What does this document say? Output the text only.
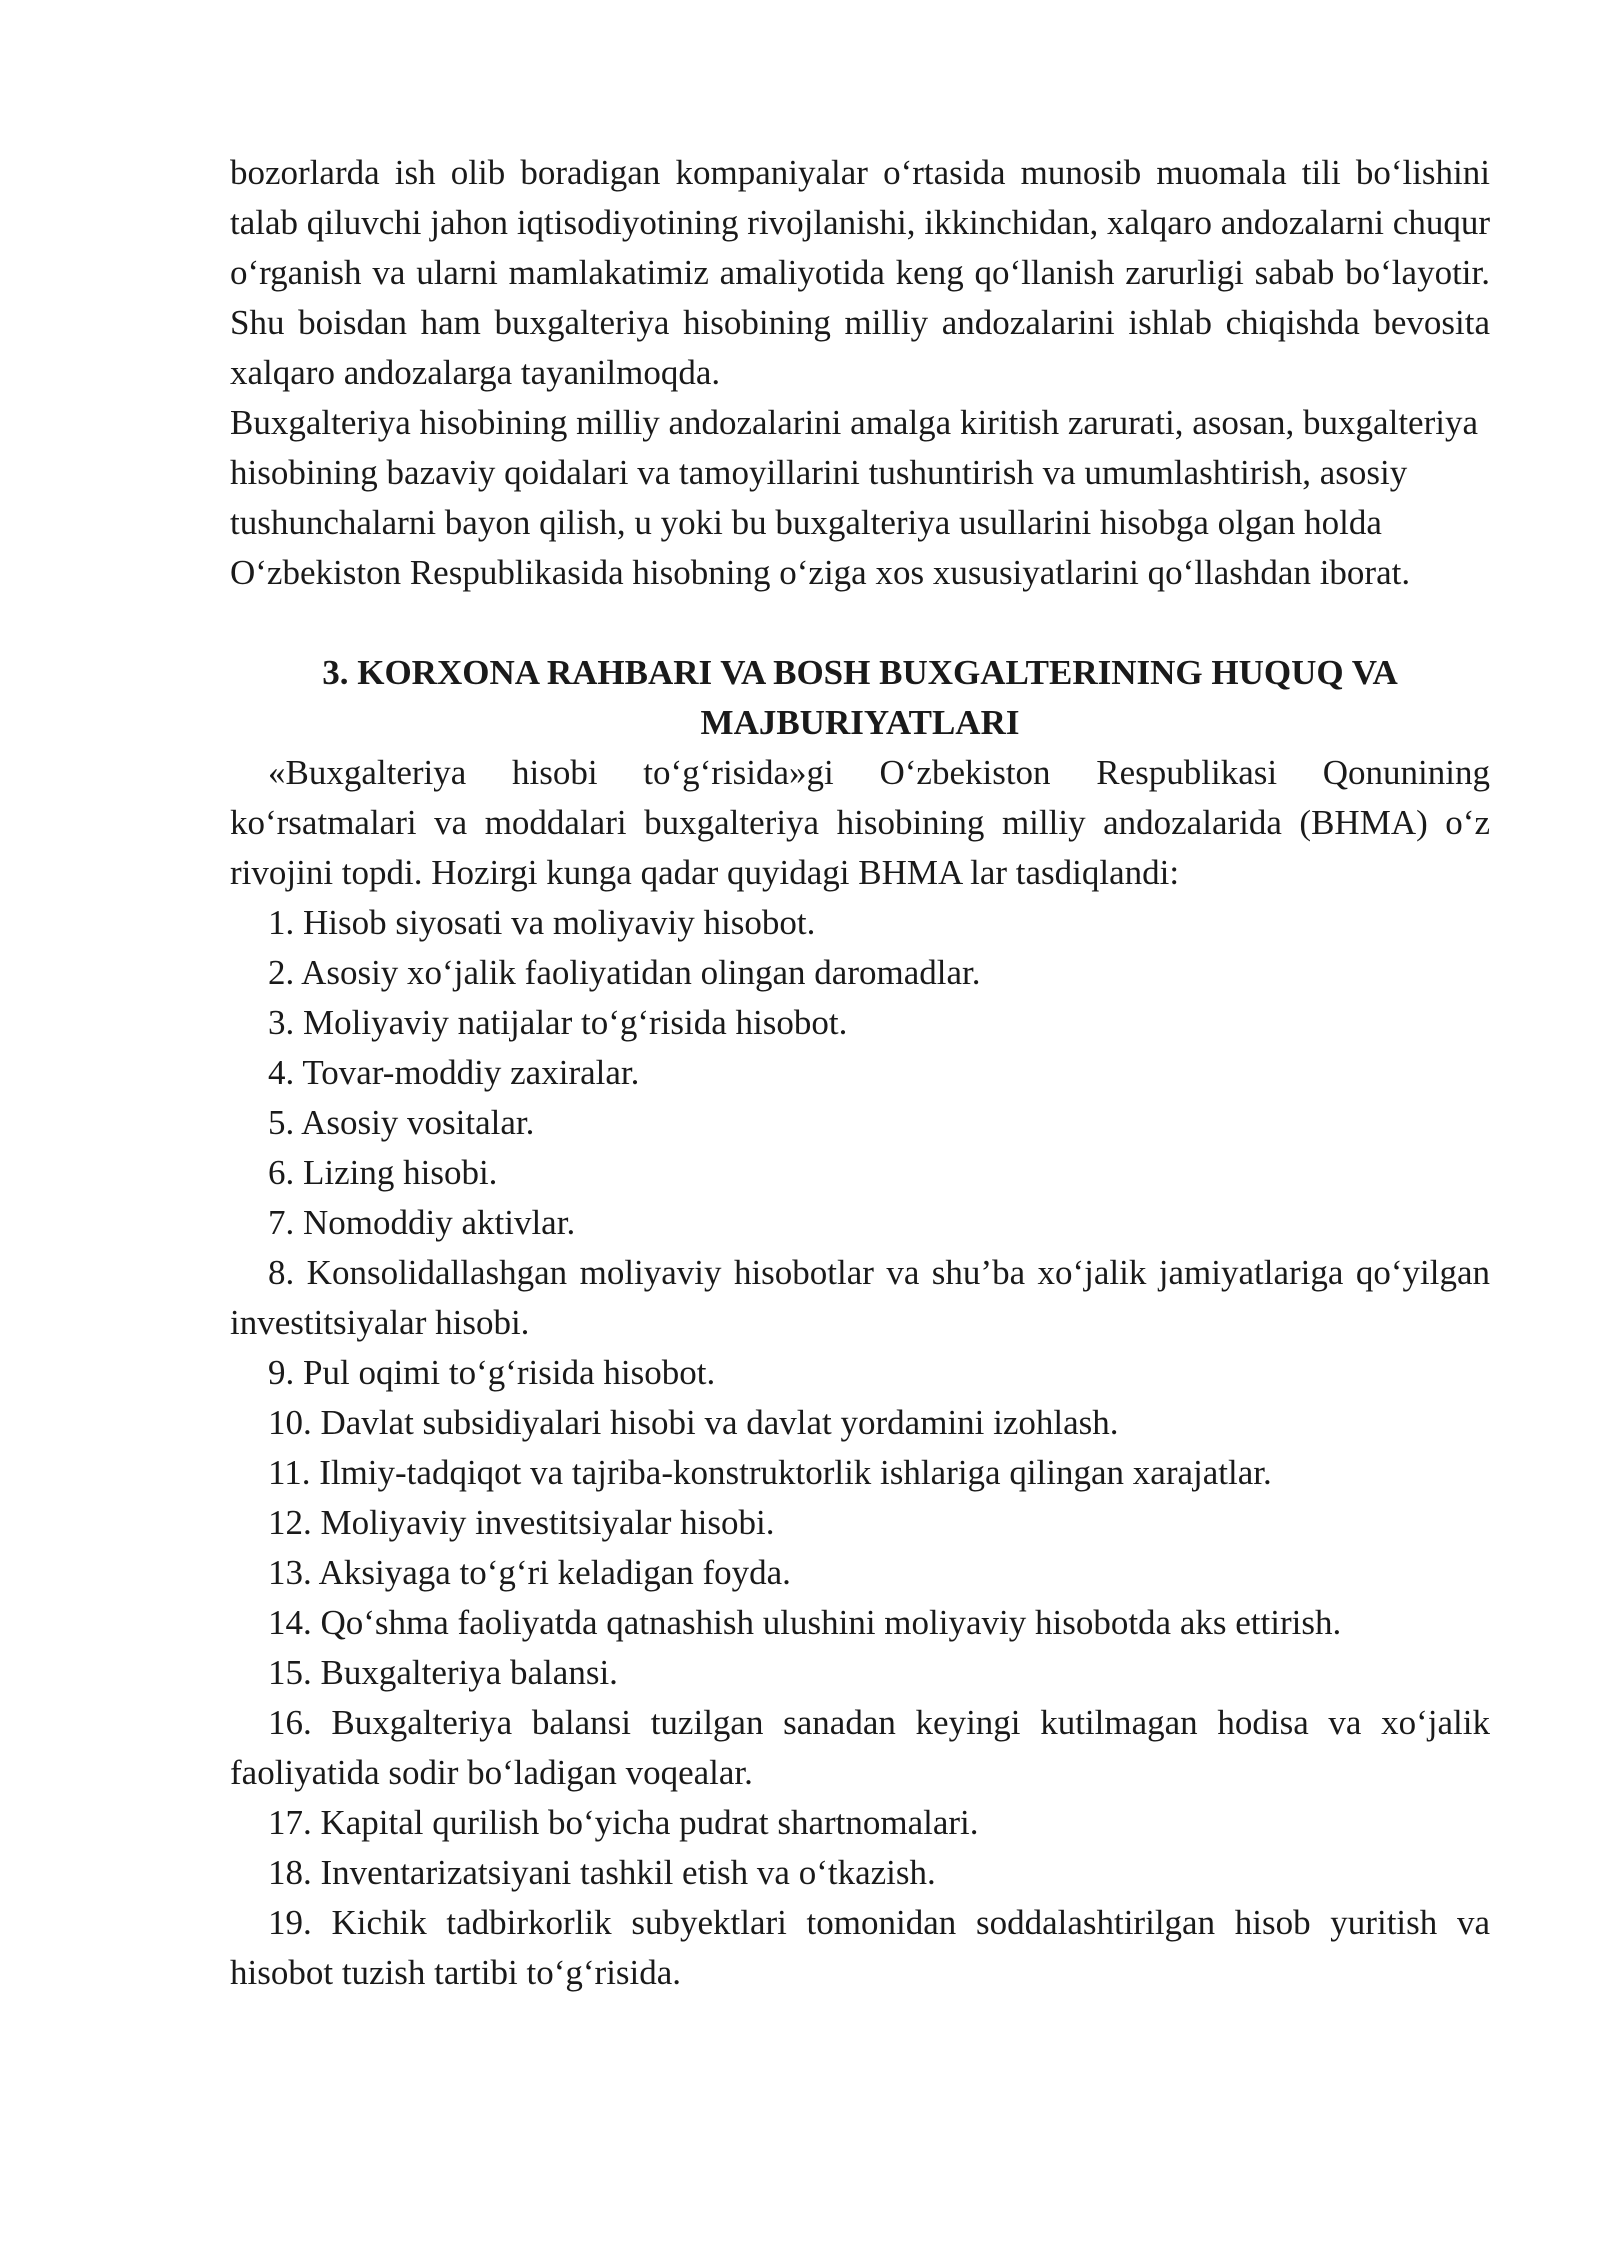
bozorlarda ish olib boradigan kompaniyalar o‘rtasida munosib muomala tili bo‘lishini talab qiluvchi jahon iqtisodiyotining rivojlanishi, ikkinchidan, xalqaro andozalarni chuqur o‘rganish va ularni mamlakatimiz amaliyotida keng qo‘llanish zarurligi sabab bo‘layotir. Shu boisdan ham buxgalteriya hisobining milliy andozalarini ishlab chiqishda bevosita xalqaro andozalarga tayanilmoqda.

Buxgalteriya hisobining milliy andozalarini amalga kiritish zarurati, asosan, buxgalteriya hisobining bazaviy qoidalari va tamoyillarini tushuntirish va umumlashtirish, asosiy tushunchalarni bayon qilish, u yoki bu buxgalteriya usullarini hisobga olgan holda O‘zbekiston Respublikasida hisobning o‘ziga xos xususiyatlarini qo‘llashdan iborat.

3. KORXONA RAHBARI VA BOSH BUXGALTERINING HUQUQ VA
MAJBURIYATLARI

«Buxgalteriya hisobi to‘g‘risida»gi O‘zbekiston Respublikasi Qonunining ko‘rsatmalari va moddalari buxgalteriya hisobining milliy andozalarida (BHMA) o‘z rivojini topdi. Hozirgi kunga qadar quyidagi BHMA lar tasdiqlandi:

1. Hisob siyosati va moliyaviy hisobot.
2. Asosiy xo‘jalik faoliyatidan olingan daromadlar.
3. Moliyaviy natijalar to‘g‘risida hisobot.
4. Tovar-moddiy zaxiralar.
5. Asosiy vositalar.
6. Lizing hisobi.
7. Nomoddiy aktivlar.
8. Konsolidallashgan moliyaviy hisobotlar va shu’ba xo‘jalik jamiyatlariga qo‘yilgan investitsiyalar hisobi.
9. Pul oqimi to‘g‘risida hisobot.
10. Davlat subsidiyalari hisobi va davlat yordamini izohlash.
11. Ilmiy-tadqiqot va tajriba-konstruktorlik ishlariga qilingan xarajatlar.
12. Moliyaviy investitsiyalar hisobi.
13. Aksiyaga to‘g‘ri keladigan foyda.
14. Qo‘shma faoliyatda qatnashish ulushini moliyaviy hisobotda aks ettirish.
15. Buxgalteriya balansi.
16. Buxgalteriya balansi tuzilgan sanadan keyingi kutilmagan hodisa va xo‘jalik faoliyatida sodir bo‘ladigan voqealar.
17. Kapital qurilish bo‘yicha pudrat shartnomalari.
18. Inventarizatsiyani tashkil etish va o‘tkazish.
19. Kichik tadbirkorlik subyektlari tomonidan soddalashtirilgan hisob yuritish va hisobot tuzish tartibi to‘g‘risida.
